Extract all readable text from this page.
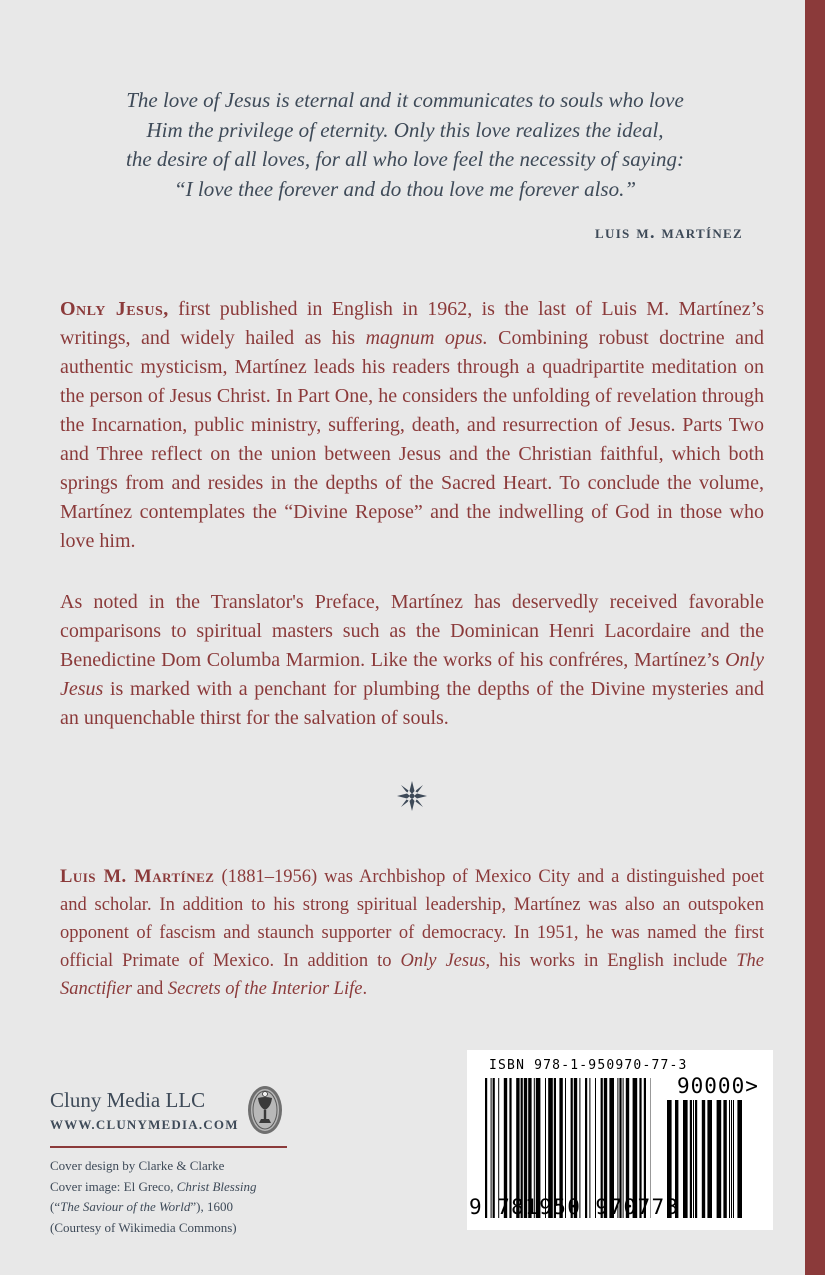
The love of Jesus is eternal and it communicates to souls who love
Him the privilege of eternity. Only this love realizes the ideal,
the desire of all loves, for all who love feel the necessity of saying:
“I love thee forever and do thou love me forever also.”
luis m. martínez

Only Jesus, first published in English in 1962, is the last of Luis M. Martínez’s writings, and widely hailed as his magnum opus. Combining robust doctrine and authentic mysticism, Martínez leads his readers through a quadripartite meditation on the person of Jesus Christ. In Part One, he considers the unfolding of revelation through the Incarnation, public ministry, suffering, death, and resurrection of Jesus. Parts Two and Three reflect on the union between Jesus and the Christian faithful, which both springs from and resides in the depths of the Sacred Heart. To conclude the volume, Martínez contemplates the “Divine Repose” and the indwelling of God in those who love him.

As noted in the Translator's Preface, Martínez has deservedly received favorable comparisons to spiritual masters such as the Dominican Henri Lacordaire and the Benedictine Dom Columba Marmion. Like the works of his confréres, Martínez’s Only Jesus is marked with a penchant for plumbing the depths of the Divine mysteries and an unquenchable thirst for the salvation of souls.

Luis M. Martínez (1881–1956) was Archbishop of Mexico City and a distinguished poet and scholar. In addition to his strong spiritual leadership, Martínez was also an outspoken opponent of fascism and staunch supporter of democracy. In 1951, he was named the first official Primate of Mexico. In addition to Only Jesus, his works in English include The Sanctifier and Secrets of the Interior Life.

Cluny Media LLC
WWW.CLUNYMEDIA.COM
Cover design by Clarke & Clarke
Cover image: El Greco, Christ Blessing
(“The Saviour of the World”), 1600
(Courtesy of Wikimedia Commons)
ISBN 978-1-950970-77-3
90000>
9 781950 970773
